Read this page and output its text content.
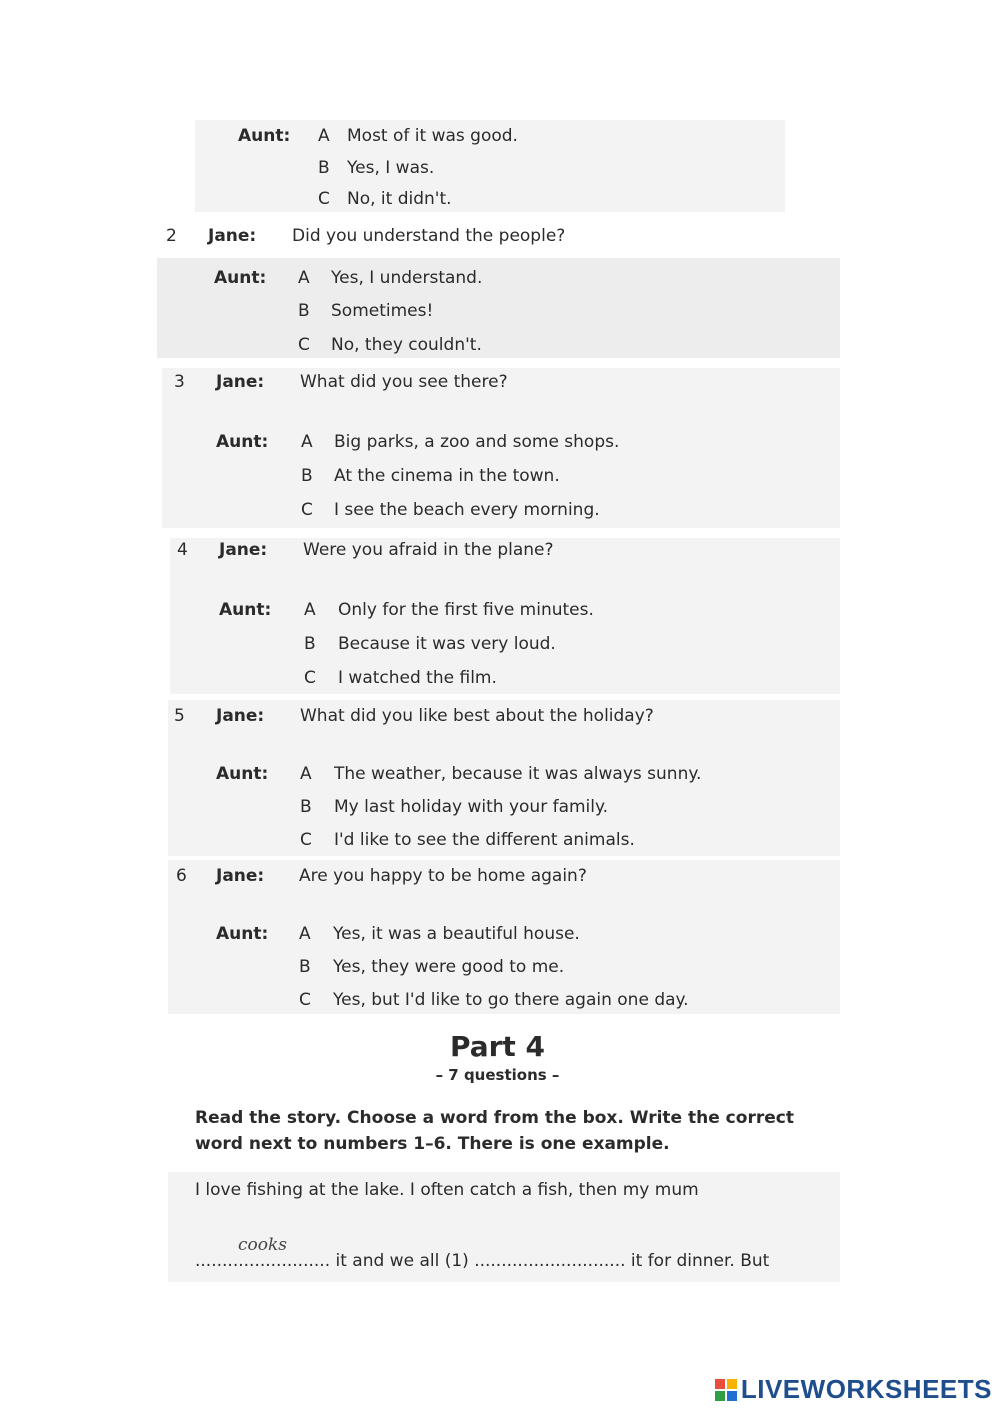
Aunt: A Most of it was good.
B Yes, I was.
C No, it didn't.
2 Jane: Did you understand the people?
Aunt: A Yes, I understand.
B Sometimes!
C No, they couldn't.
3 Jane: What did you see there?
Aunt: A Big parks, a zoo and some shops.
B At the cinema in the town.
C I see the beach every morning.
4 Jane: Were you afraid in the plane?
Aunt: A Only for the first five minutes.
B Because it was very loud.
C I watched the film.
5 Jane: What did you like best about the holiday?
Aunt: A The weather, because it was always sunny.
B My last holiday with your family.
C I'd like to see the different animals.
6 Jane: Are you happy to be home again?
Aunt: A Yes, it was a beautiful house.
B Yes, they were good to me.
C Yes, but I'd like to go there again one day.
Part 4
– 7 questions –
Read the story. Choose a word from the box. Write the correct
word next to numbers 1–6. There is one example.
I love fishing at the lake. I often catch a fish, then my mum
cooks
......................... it and we all (1) ............................ it for dinner. But
LIVEWORKSHEETS
